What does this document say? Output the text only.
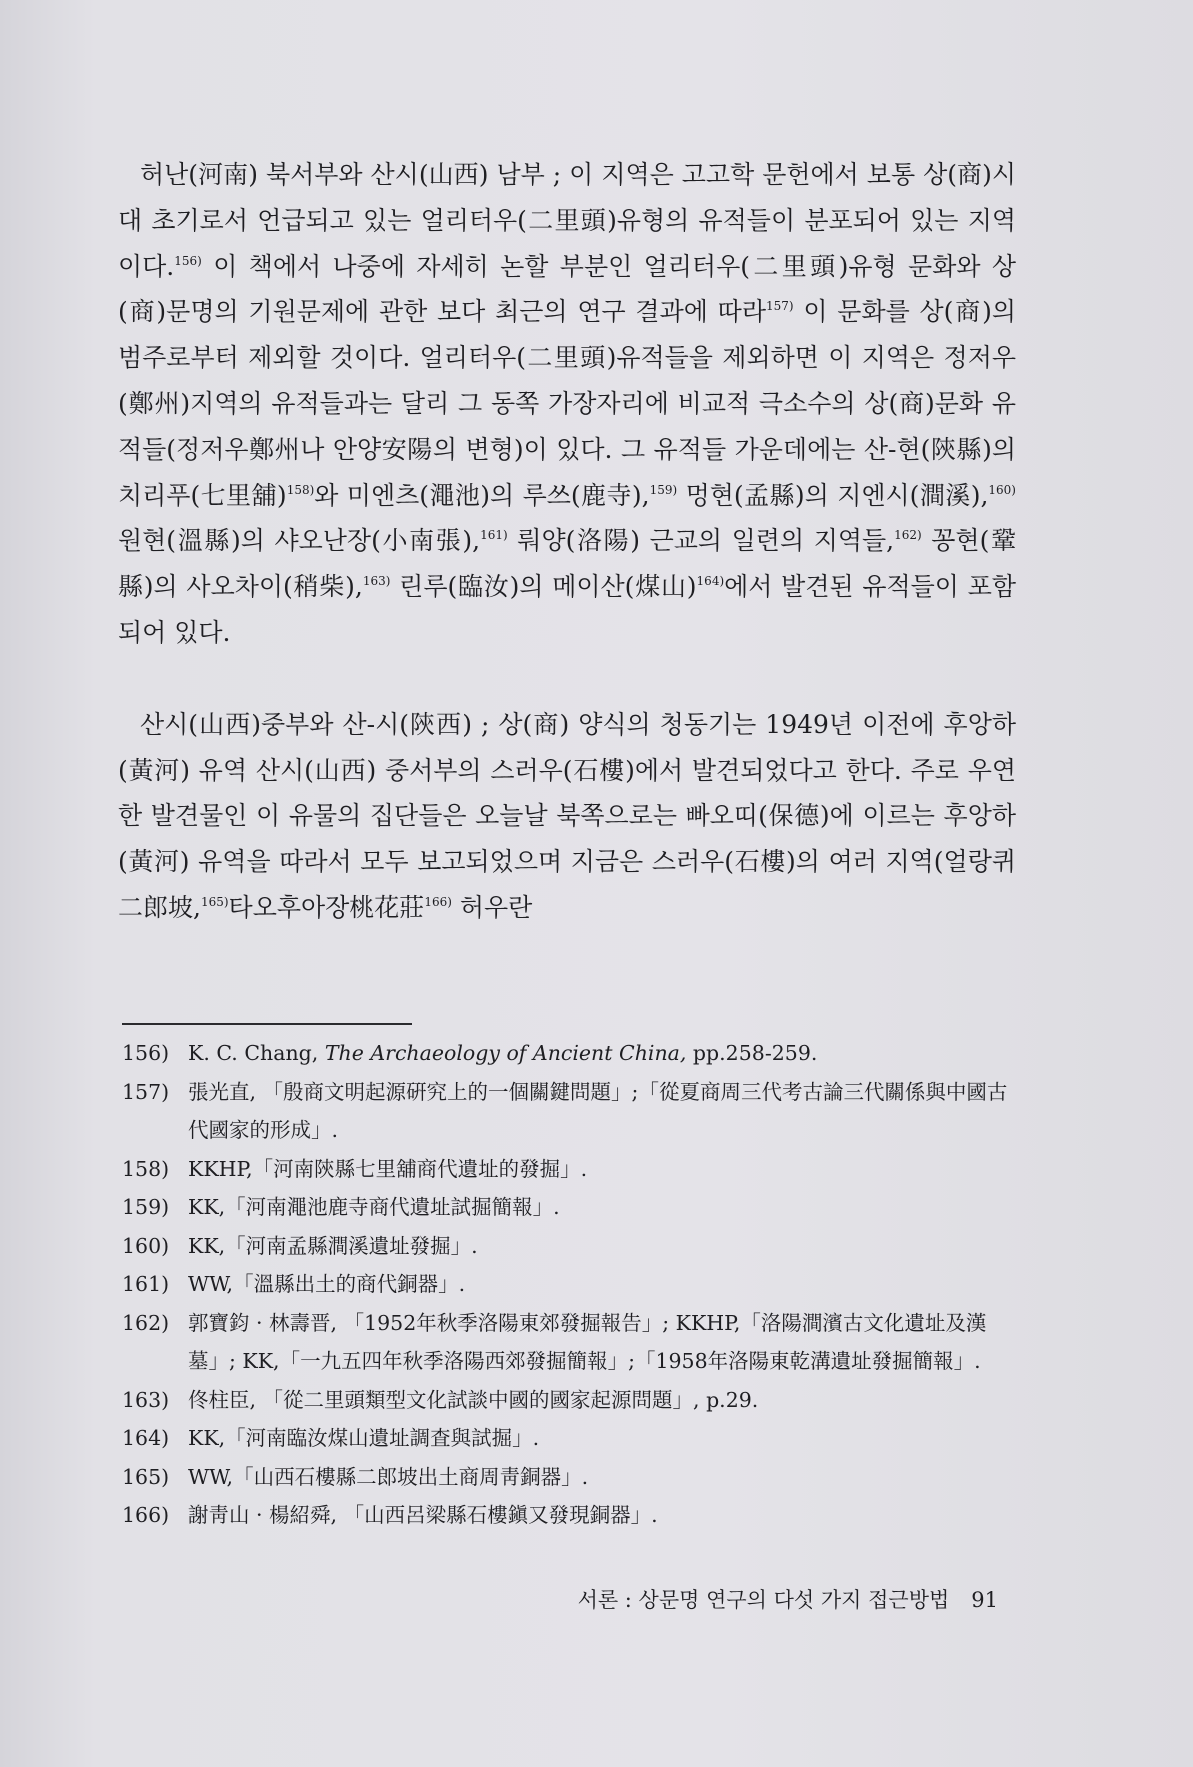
허난(河南) 북서부와 산시(山西) 남부 ; 이 지역은 고고학 문헌에서 보통 상(商)시대 초기로서 언급되고 있는 얼리터우(二里頭)유형의 유적들이 분포되어 있는 지역이다.$^{156)}$ 이 책에서 나중에 자세히 논할 부분인 얼리터우(二里頭)유형 문화와 상(商)문명의 기원문제에 관한 보다 최근의 연구 결과에 따라$^{157)}$ 이 문화를 상(商)의 범주로부터 제외할 것이다. 얼리터우(二里頭)유적들을 제외하면 이 지역은 정저우(鄭州)지역의 유적들과는 달리 그 동쪽 가장자리에 비교적 극소수의 상(商)문화 유적들(정저우鄭州나 안양安陽의 변형)이 있다. 그 유적들 가운데에는 산-현(陝縣)의 치리푸(七里舖)$^{158)}$와 미엔츠(澠池)의 루쓰(鹿寺),$^{159)}$ 멍현(孟縣)의 지엔시(澗溪),$^{160)}$ 원현(溫縣)의 샤오난장(小南張),$^{161)}$ 뤄양(洛陽) 근교의 일련의 지역들,$^{162)}$ 꽁현(鞏縣)의 사오차이(稍柴),$^{163)}$ 린루(臨汝)의 메이산(煤山)$^{164)}$에서 발견된 유적들이 포함되어 있다.

산시(山西)중부와 산-시(陝西) ; 상(商) 양식의 청동기는 1949년 이전에 후앙하(黃河) 유역 산시(山西) 중서부의 스러우(石樓)에서 발견되었다고 한다. 주로 우연한 발견물인 이 유물의 집단들은 오늘날 북쪽으로는 빠오띠(保德)에 이르는 후앙하(黃河) 유역을 따라서 모두 보고되었으며 지금은 스러우(石樓)의 여러 지역(얼랑퀴二郎坡,$^{165)}$타오후아장桃花莊$^{166)}$ 허우란

156) K. C. Chang, The Archaeology of Ancient China, pp.258-259.
157) 張光直, 「殷商文明起源硏究上的一個關鍵問題」;「從夏商周三代考古論三代關係與中國古代國家的形成」.
158) KKHP,「河南陝縣七里舖商代遺址的發掘」.
159) KK,「河南澠池鹿寺商代遺址試掘簡報」.
160) KK,「河南孟縣澗溪遺址發掘」.
161) WW,「溫縣出土的商代銅器」.
162) 郭寶鈞 · 林壽晋, 「1952年秋季洛陽東郊發掘報告」; KKHP,「洛陽澗濱古文化遺址及漢墓」; KK,「一九五四年秋季洛陽西郊發掘簡報」;「1958年洛陽東乾溝遺址發掘簡報」.
163) 佟柱臣, 「從二里頭類型文化試談中國的國家起源問題」, p.29.
164) KK,「河南臨汝煤山遺址調査與試掘」.
165) WW,「山西石樓縣二郎坡出土商周靑銅器」.
166) 謝靑山 · 楊紹舜, 「山西呂梁縣石樓鎭又發現銅器」.
서론 : 상문명 연구의 다섯 가지 접근방법 91
